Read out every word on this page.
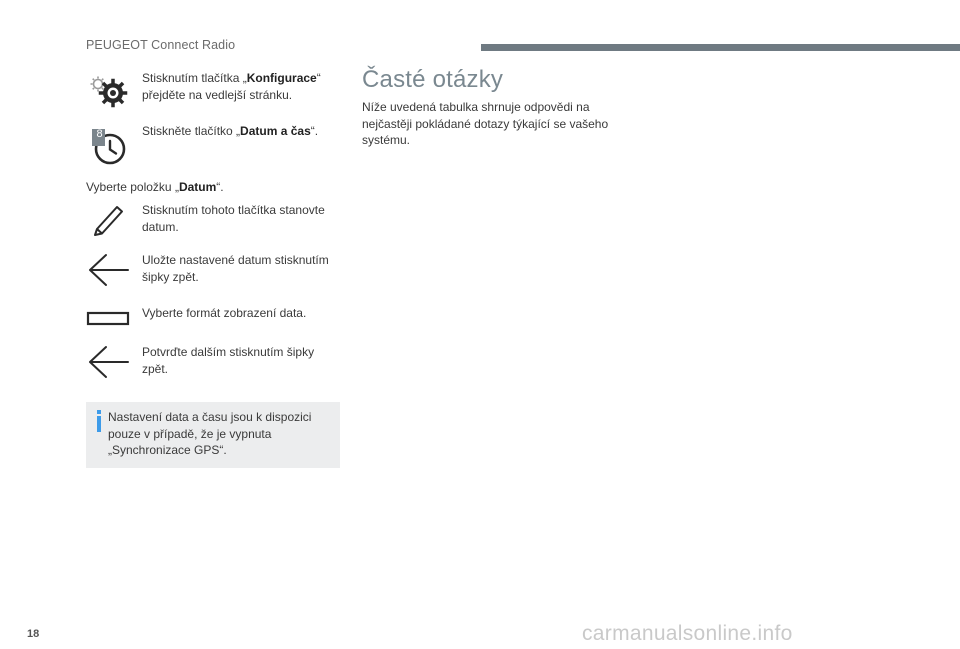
PEUGEOT Connect Radio
Stisknutím tlačítka „Konfigurace“ přejděte na vedlejší stránku.
8	Stiskněte tlačítko „Datum a čas“.
Vyberte položku „Datum“.
Stisknutím tohoto tlačítka stanovte datum.
Uložte nastavené datum stisknutím šipky zpět.
Vyberte formát zobrazení data.
Potvrďte dalším stisknutím šipky zpět.
Nastavení data a času jsou k dispozici pouze v případě, že je vypnuta „Synchronizace GPS“.
Časté otázky
Níže uvedená tabulka shrnuje odpovědi na nejčastěji pokládané dotazy týkající se vašeho systému.
18	carmanualsonline.info
